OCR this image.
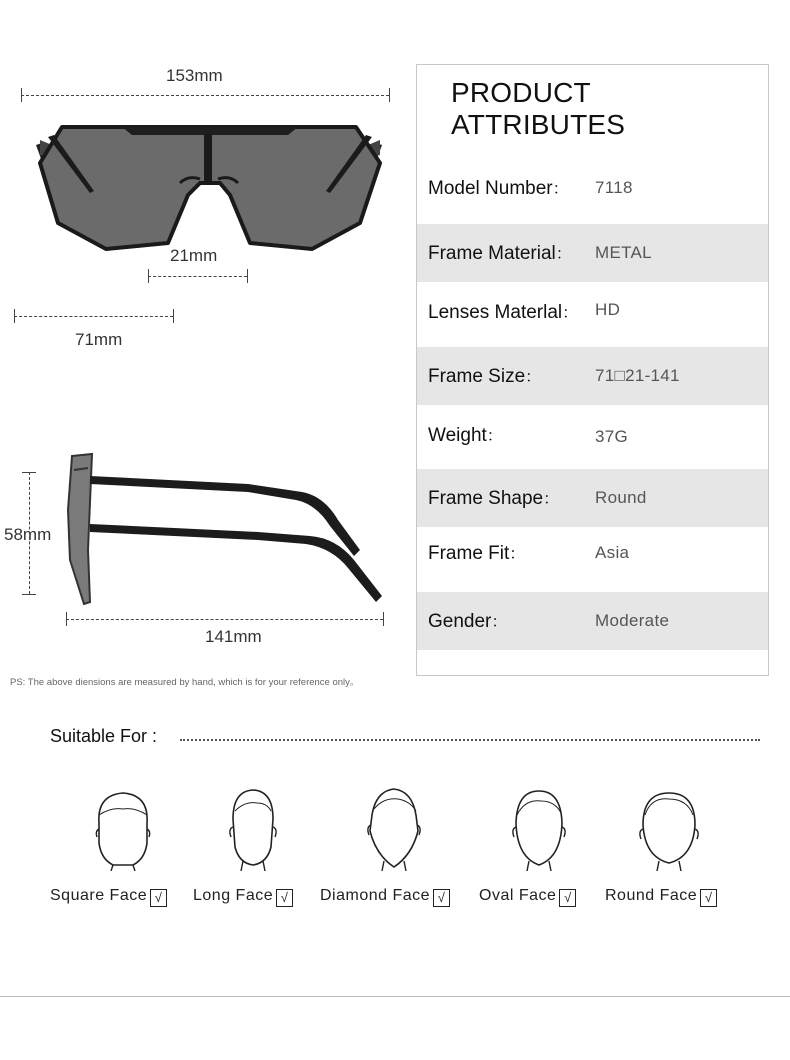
153mm
21mm
71mm
58mm
141mm
PRODUCT ATTRIBUTES
Model Number： 7118
Frame Material： METAL
Lenses Materlal： HD
Frame Size：	71□21-141
Weight：	37G
Frame Shape： Round
Frame Fit：	Asia
Gender：	Moderate
PS: The above diensions are measured by hand, which is for your reference only。
Suitable For :
Square Face √ Long Face √ Diamond Face √ Oval Face √ Round Face √
